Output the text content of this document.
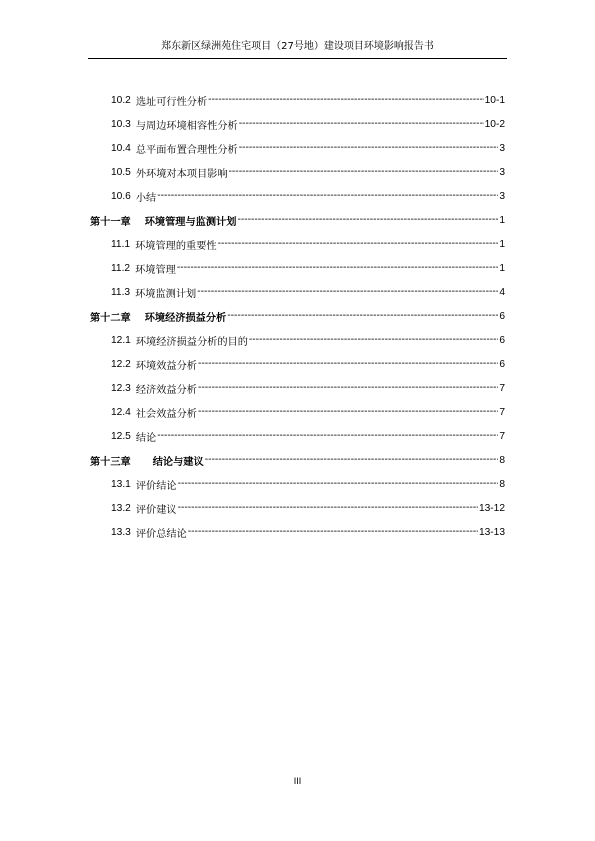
郑东新区绿洲苑住宅项目（27号地）建设项目环境影响报告书
10.2 选址可行性分析 -----	10-1
10.3 与周边环境相容性分析 -----	10-2
10.4 总平面布置合理性分析 -----	3
10.5 外环境对本项目影响 -----	3
10.6 小结 -----	3
第十一章 环境管理与监测计划 -----	1
11.1 环境管理的重要性 -----	1
11.2 环境管理 -----	1
11.3 环境监测计划 -----	4
第十二章 环境经济损益分析 -----	6
12.1 环境经济损益分析的目的 -----	6
12.2 环境效益分析 -----	6
12.3 经济效益分析 -----	7
12.4 社会效益分析 -----	7
12.5 结论 -----	7
第十三章 结论与建议 -----	8
13.1 评价结论 -----	8
13.2 评价建议 -----	13-12
13.3 评价总结论 -----	13-13
III
